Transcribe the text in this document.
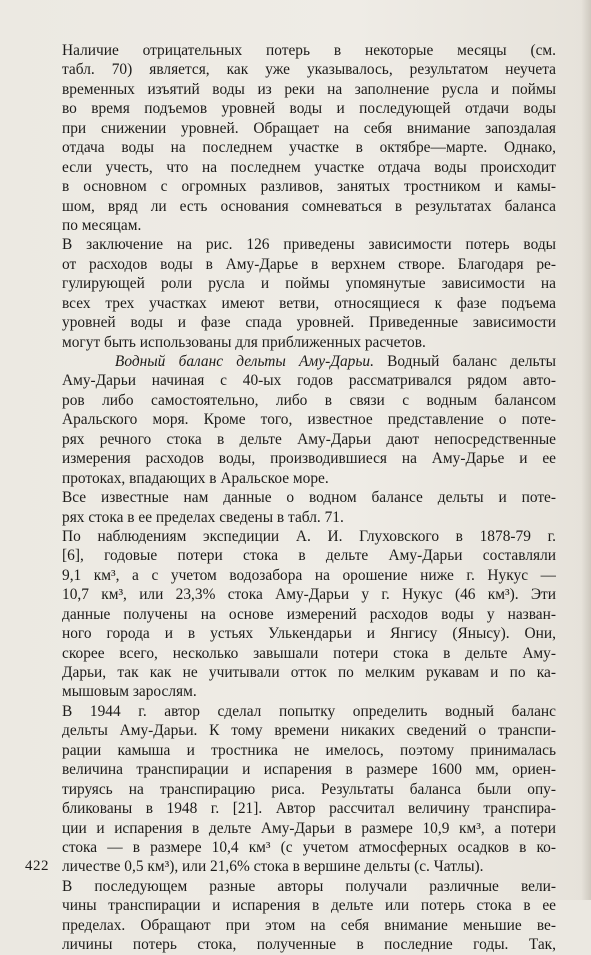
Наличие отрицательных потерь в некоторые месяцы (см.
табл. 70) является, как уже указывалось, результатом неучета
временных изъятий воды из реки на заполнение русла и поймы
во время подъемов уровней воды и последующей отдачи воды
при снижении уровней. Обращает на себя внимание запоздалая
отдача воды на последнем участке в октябре—марте. Однако,
если учесть, что на последнем участке отдача воды происходит
в основном с огромных разливов, занятых тростником и камы-
шом, вряд ли есть основания сомневаться в результатах баланса
по месяцам.
В заключение на рис. 126 приведены зависимости потерь воды
от расходов воды в Аму-Дарье в верхнем створе. Благодаря ре-
гулирующей роли русла и поймы упомянутые зависимости на
всех трех участках имеют ветви, относящиеся к фазе подъема
уровней воды и фазе спада уровней. Приведенные зависимости
могут быть использованы для приближенных расчетов.
Водный баланс дельты Аму-Дарьи. Водный баланс дельты
Аму-Дарьи начиная с 40-ых годов рассматривался рядом авто-
ров либо самостоятельно, либо в связи с водным балансом
Аральского моря. Кроме того, известное представление о поте-
рях речного стока в дельте Аму-Дарьи дают непосредственные
измерения расходов воды, производившиеся на Аму-Дарье и ее
протоках, впадающих в Аральское море.
Все известные нам данные о водном балансе дельты и поте-
рях стока в ее пределах сведены в табл. 71.
По наблюдениям экспедиции А. И. Глуховского в 1878-79 г.
[6], годовые потери стока в дельте Аму-Дарьи составляли
9,1 км³, а с учетом водозабора на орошение ниже г. Нукус —
10,7 км³, или 23,3% стока Аму-Дарьи у г. Нукус (46 км³). Эти
данные получены на основе измерений расходов воды у назван-
ного города и в устьях Улькендарьи и Янгису (Янысу). Они,
скорее всего, несколько завышали потери стока в дельте Аму-
Дарьи, так как не учитывали отток по мелким рукавам и по ка-
мышовым зарослям.
В 1944 г. автор сделал попытку определить водный баланс
дельты Аму-Дарьи. К тому времени никаких сведений о транспи-
рации камыша и тростника не имелось, поэтому принималась
величина транспирации и испарения в размере 1600 мм, ориен-
тируясь на транспирацию риса. Результаты баланса были опу-
бликованы в 1948 г. [21]. Автор рассчитал величину транспира-
ции и испарения в дельте Аму-Дарьи в размере 10,9 км³, а потери
стока — в размере 10,4 км³ (с учетом атмосферных осадков в ко-
личестве 0,5 км³), или 21,6% стока в вершине дельты (с. Чатлы).
В последующем разные авторы получали различные вели-
чины транспирации и испарения в дельте или потерь стока в ее
пределах. Обращают при этом на себя внимание меньшие ве-
личины потерь стока, полученные в последние годы. Так,
422
